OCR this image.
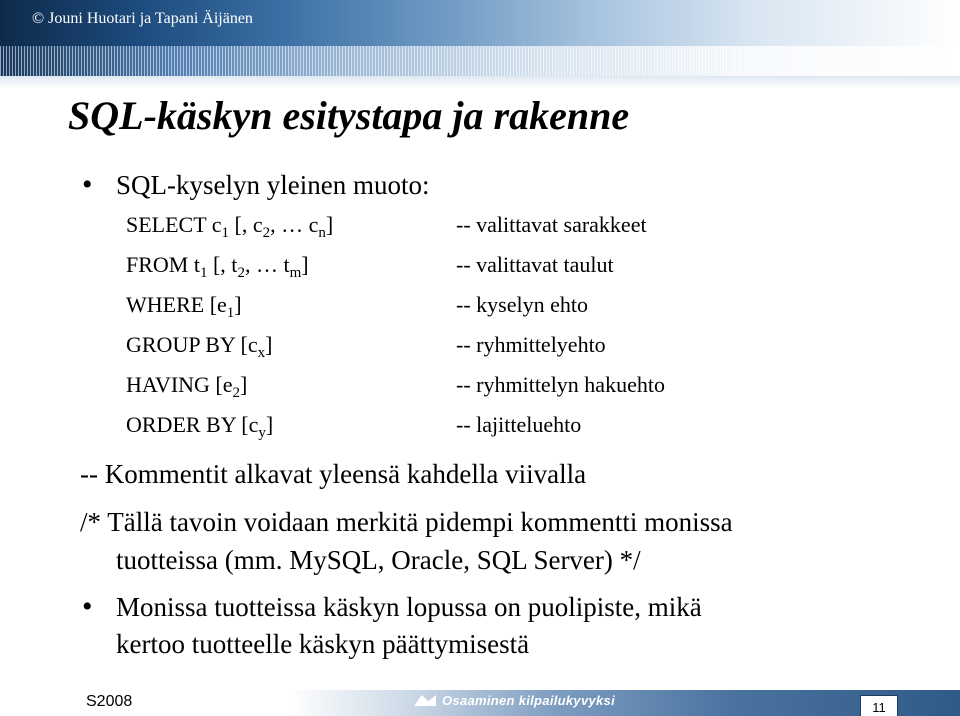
© Jouni Huotari ja Tapani Äijänen
SQL-käskyn esitystapa ja rakenne
• SQL-kyselyn yleinen muoto:
SELECT $c_1$ [, $c_2$, … $c_n$]	-- valittavat sarakkeet
FROM $t_1$ [, $t_2$, … $t_m$]	-- valittavat taulut
WHERE $[e_1]$	-- kyselyn ehto
GROUP BY $[c_x]$	-- ryhmittelyehto
HAVING $[e_2]$	-- ryhmittelyn hakuehto
ORDER BY $[c_y]$	-- lajitteluehto
-- Kommentit alkavat yleensä kahdella viivalla
/* Tällä tavoin voidaan merkitä pidempi kommentti monissa
tuotteissa (mm. MySQL, Oracle, SQL Server) */
• Monissa tuotteissa käskyn lopussa on puolipiste, mikä
kertoo tuotteelle käskyn päättymisestä
S2008	Osaaminen kilpailukyvyksi	11
